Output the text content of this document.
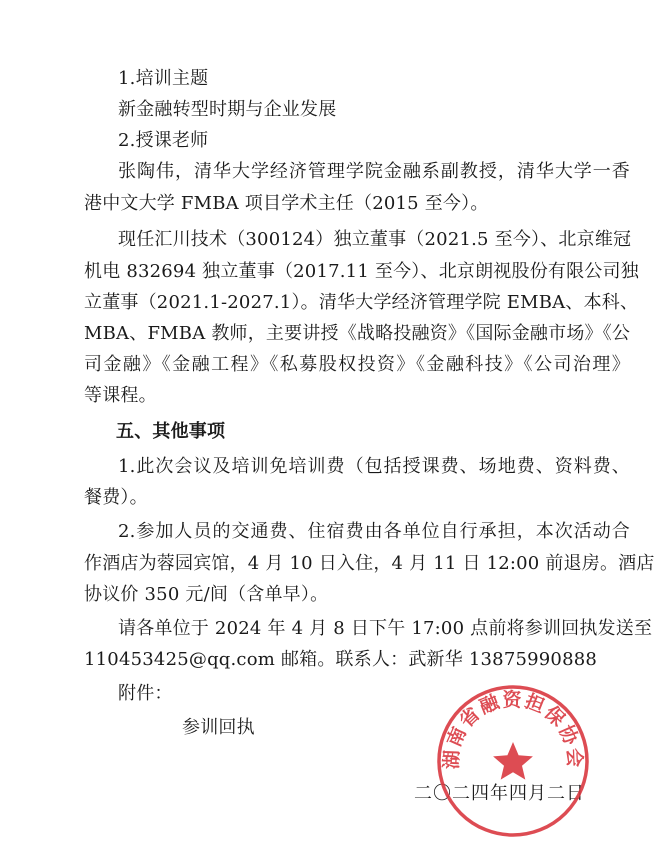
1.培训主题
新金融转型时期与企业发展
2.授课老师
张陶伟，清华大学经济管理学院金融系副教授，清华大学一香
港中文大学 FMBA 项目学术主任（2015 至今）。
现任汇川技术（300124）独立董事（2021.5 至今）、北京维冠
机电 832694 独立董事（2017.11 至今）、北京朗视股份有限公司独
立董事（2021.1-2027.1）。清华大学经济管理学院 EMBA、本科、
MBA、FMBA 教师，主要讲授《战略投融资》《国际金融市场》《公
司金融》《金融工程》《私募股权投资》《金融科技》《公司治理》
等课程。
五、其他事项
1.此次会议及培训免培训费（包括授课费、场地费、资料费、
餐费）。
2.参加人员的交通费、住宿费由各单位自行承担，本次活动合
作酒店为蓉园宾馆，4 月 10 日入住，4 月 11 日 12:00 前退房。酒店
协议价 350 元/间（含单早）。
请各单位于 2024 年 4 月 8 日下午 17:00 点前将参训回执发送至
110453425@qq.com 邮箱。联系人：武新华 13875990888
附件：
参训回执
二〇二四年四月二日
湖南省融资担保协会
